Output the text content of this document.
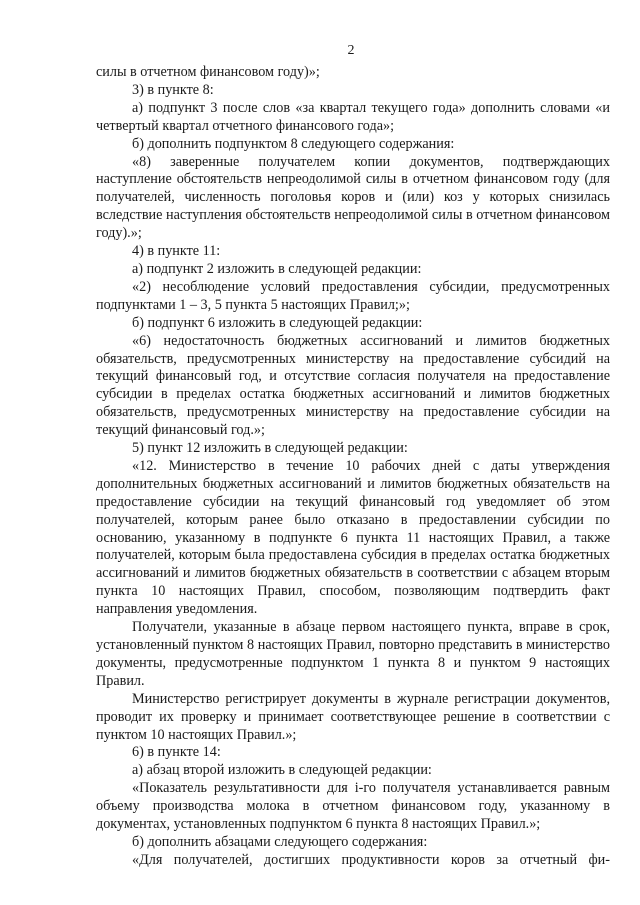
2

силы в отчетном финансовом году)»;

3) в пункте 8:

а) подпункт 3 после слов «за квартал текущего года» дополнить словами «и четвертый квартал отчетного финансового года»;

б) дополнить подпунктом 8 следующего содержания:

«8) заверенные получателем копии документов, подтверждающих наступление обстоятельств непреодолимой силы в отчетном финансовом году (для получателей, численность поголовья коров и (или) коз у которых снизилась вследствие наступления обстоятельств непреодолимой силы в отчетном финансовом году).»;

4) в пункте 11:

а) подпункт 2 изложить в следующей редакции:

«2) несоблюдение условий предоставления субсидии, предусмотренных подпунктами 1 – 3, 5 пункта 5 настоящих Правил;»;

б) подпункт 6 изложить в следующей редакции:

«6) недостаточность бюджетных ассигнований и лимитов бюджетных обязательств, предусмотренных министерству на предоставление субсидий на текущий финансовый год, и отсутствие согласия получателя на предоставление субсидии в пределах остатка бюджетных ассигнований и лимитов бюджетных обязательств, предусмотренных министерству на предоставление субсидии на текущий финансовый год.»;

5) пункт 12 изложить в следующей редакции:

«12. Министерство в течение 10 рабочих дней с даты утверждения дополнительных бюджетных ассигнований и лимитов бюджетных обязательств на предоставление субсидии на текущий финансовый год уведомляет об этом получателей, которым ранее было отказано в предоставлении субсидии по основанию, указанному в подпункте 6 пункта 11 настоящих Правил, а также получателей, которым была предоставлена субсидия в пределах остатка бюджетных ассигнований и лимитов бюджетных обязательств в соответствии с абзацем вторым пункта 10 настоящих Правил, способом, позволяющим подтвердить факт направления уведомления.

Получатели, указанные в абзаце первом настоящего пункта, вправе в срок, установленный пунктом 8 настоящих Правил, повторно представить в министерство документы, предусмотренные подпунктом 1 пункта 8 и пунктом 9 настоящих Правил.

Министерство регистрирует документы в журнале регистрации документов, проводит их проверку и принимает соответствующее решение в соответствии с пунктом 10 настоящих Правил.»;

6) в пункте 14:

а) абзац второй изложить в следующей редакции:

«Показатель результативности для i-го получателя устанавливается равным объему производства молока в отчетном финансовом году, указанному в документах, установленных подпунктом 6 пункта 8 настоящих Правил.»;

б) дополнить абзацами следующего содержания:

«Для получателей, достигших продуктивности коров за отчетный фи-
